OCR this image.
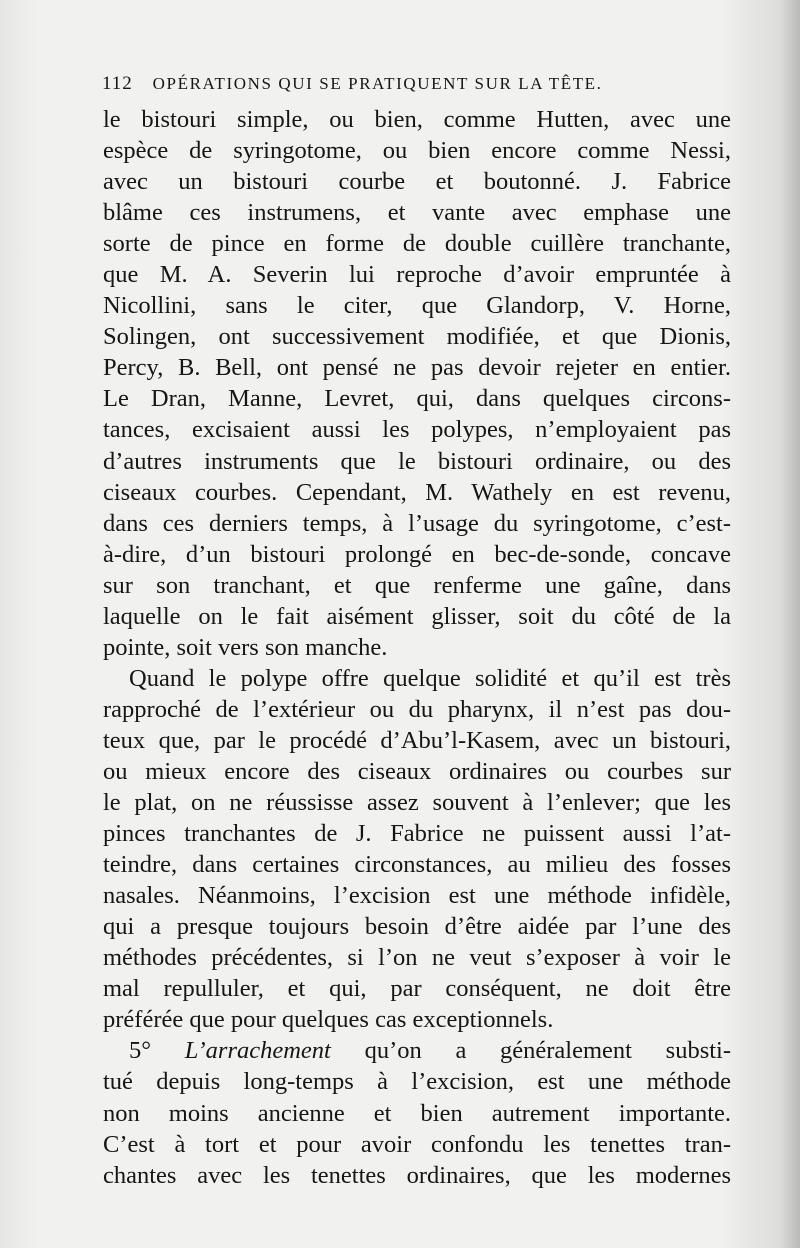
112 OPÉRATIONS QUI SE PRATIQUENT SUR LA TÊTE.
le bistouri simple, ou bien, comme Hutten, avec une
espèce de syringotome, ou bien encore comme Nessi,
avec un bistouri courbe et boutonné. J. Fabrice
blâme ces instrumens, et vante avec emphase une
sorte de pince en forme de double cuillère tranchante,
que M. A. Severin lui reproche d’avoir empruntée à
Nicollini, sans le citer, que Glandorp, V. Horne,
Solingen, ont successivement modifiée, et que Dionis,
Percy, B. Bell, ont pensé ne pas devoir rejeter en entier.
Le Dran, Manne, Levret, qui, dans quelques circons-
tances, excisaient aussi les polypes, n’employaient pas
d’autres instruments que le bistouri ordinaire, ou des
ciseaux courbes. Cependant, M. Wathely en est revenu,
dans ces derniers temps, à l’usage du syringotome, c’est-
à-dire, d’un bistouri prolongé en bec-de-sonde, concave
sur son tranchant, et que renferme une gaîne, dans
laquelle on le fait aisément glisser, soit du côté de la
pointe, soit vers son manche.
Quand le polype offre quelque solidité et qu’il est très
rapproché de l’extérieur ou du pharynx, il n’est pas dou-
teux que, par le procédé d’Abu’l-Kasem, avec un bistouri,
ou mieux encore des ciseaux ordinaires ou courbes sur
le plat, on ne réussisse assez souvent à l’enlever; que les
pinces tranchantes de J. Fabrice ne puissent aussi l’at-
teindre, dans certaines circonstances, au milieu des fosses
nasales. Néanmoins, l’excision est une méthode infidèle,
qui a presque toujours besoin d’être aidée par l’une des
méthodes précédentes, si l’on ne veut s’exposer à voir le
mal repulluler, et qui, par conséquent, ne doit être
préférée que pour quelques cas exceptionnels.
5° L’arrachement qu’on a généralement substi-
tué depuis long-temps à l’excision, est une méthode
non moins ancienne et bien autrement importante.
C’est à tort et pour avoir confondu les tenettes tran-
chantes avec les tenettes ordinaires, que les modernes
